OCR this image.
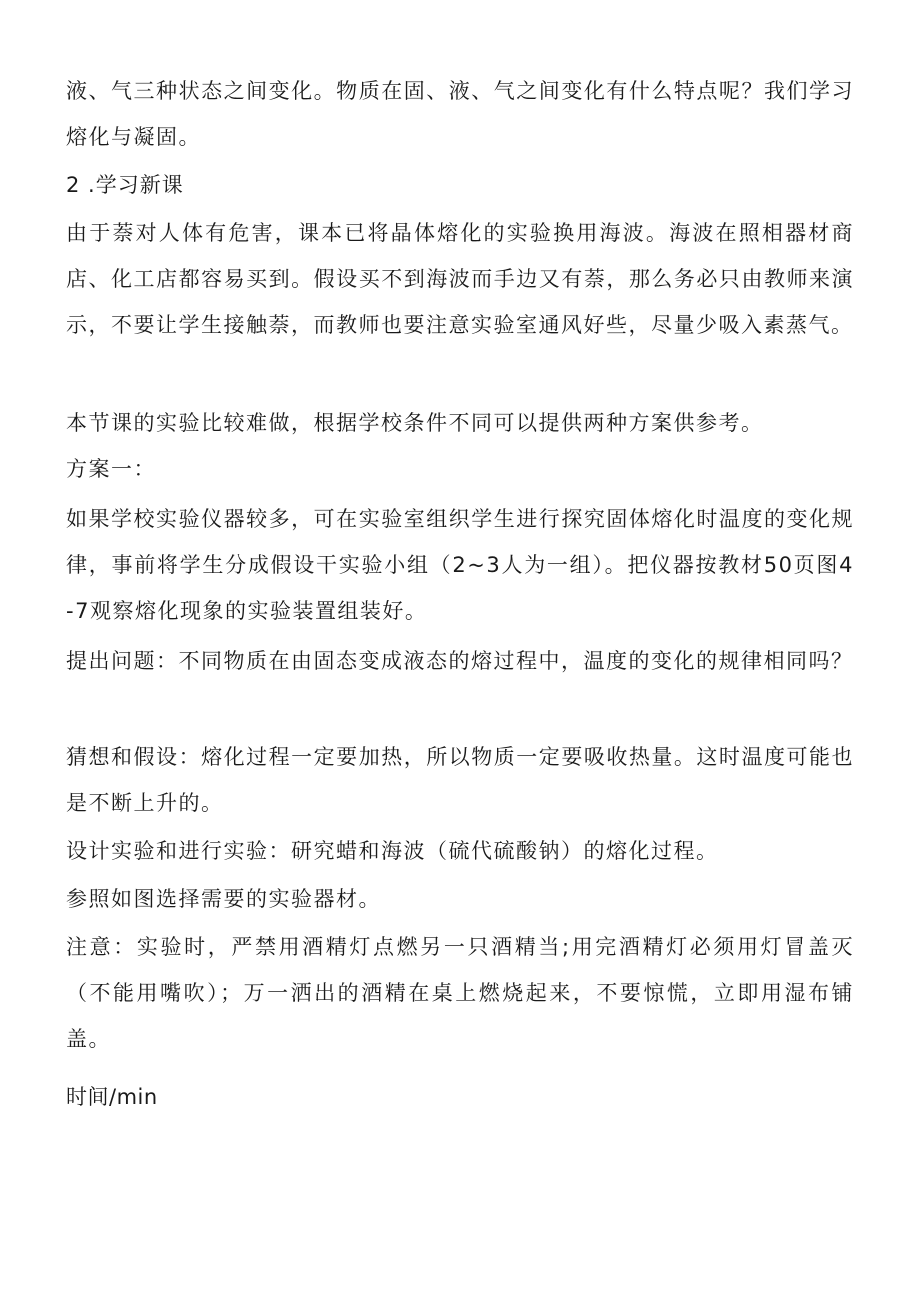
液、气三种状态之间变化。物质在固、液、气之间变化有什么特点呢？我们学习熔化与凝固。

2 .学习新课

由于萘对人体有危害，课本已将晶体熔化的实验换用海波。海波在照相器材商店、化工店都容易买到。假设买不到海波而手边又有萘，那么务必只由教师来演示，不要让学生接触萘，而教师也要注意实验室通风好些，尽量少吸入素蒸气。

本节课的实验比较难做，根据学校条件不同可以提供两种方案供参考。

方案一：

如果学校实验仪器较多，可在实验室组织学生进行探究固体熔化时温度的变化规律，事前将学生分成假设干实验小组（2~3人为一组）。把仪器按教材50页图4-7观察熔化现象的实验装置组装好。

提出问题：不同物质在由固态变成液态的熔过程中，温度的变化的规律相同吗？

猜想和假设：熔化过程一定要加热，所以物质一定要吸收热量。这时温度可能也是不断上升的。

设计实验和进行实验：研究蜡和海波（硫代硫酸钠）的熔化过程。

参照如图选择需要的实验器材。

注意：实验时，严禁用酒精灯点燃另一只酒精当;用完酒精灯必须用灯冒盖灭（不能用嘴吹）；万一洒出的酒精在桌上燃烧起来，不要惊慌，立即用湿布铺盖。

时间/min
